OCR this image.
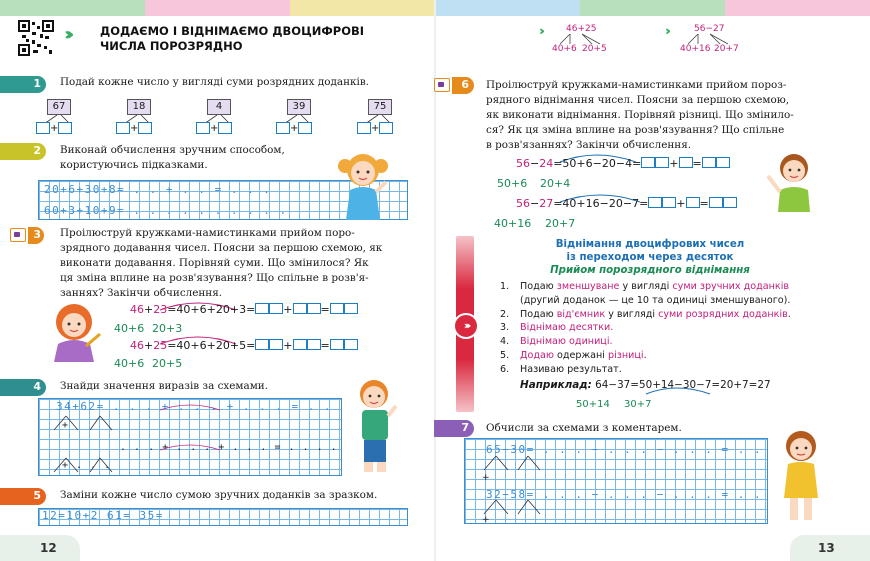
›››	ДОДАЄМО І ВІДНІМАЄМО ДВОЦИФРОВІ ЧИСЛА ПОРОЗРЯДНО
46+25
40+6 20+5
56−27
40+16 20+7
1 Подай кожне число у вигляді суми розрядних доданків.
67	18	4	39	75
+	+	+	+	+
2 Виконай обчислення зручним способом,
користуючись підказками.
20+6+30+8= . . + . . = . . .
60+3+10+9= . . . . . . . . . .
3 Проілюструй кружками-намистинками прийом поро-
зрядного додавання чисел. Поясни за першою схемою, як
виконати додавання. Порівняй суми. Що змінилося? Як
ця зміна вплине на розв'язування? Що спільне в розв'я-
заннях? Закінчи обчислення.
46+23=40+6+20+3=	+	=
40+6 20+3
46+25=40+6+20+5=	+	=
40+6 20+5
4 Знайди значення виразів за схемами.
34+62= . . . + . . . + . . . = . .
+
. . . + . . . + . . . = . . . .
+ . . .
5 Заміни кожне число сумою зручних доданків за зразком.
12=10+2 61= 35=
12
6 Проілюструй кружками-намистинками прийом пороз-
рядного віднімання чисел. Поясни за першою схемою,
як виконати віднімання. Порівняй різниці. Що змінило-
ся? Як ця зміна вплине на розв'язування? Що спільне
в розв'язаннях? Закінчи обчислення.
56−24=50+6−20−4=	+ =
50+6 20+4
56−27=40+16−20−7=	+ =
40+16 20+7
›››
Віднімання двоцифрових чисел
із переходом через десяток
Прийом порозрядного віднімання
1. Подаю зменшуване у вигляді суми зручних доданків
(другий доданок — це 10 та одиниці зменшуваного).
2. Подаю від'ємник у вигляді суми розрядних доданків.
3. Віднімаю десятки.
4. Віднімаю одиниці.
5. Додаю одержані різниці.
6. Називаю результат.
Наприклад: 64−37=50+14−30−7=20+7=27
50+14 30+7
7 Обчисли за схемами з коментарем.
65−30= . . . − . . . − . . . = . .
32−58= . . . − . . . − . . . = . .
+
+
13
